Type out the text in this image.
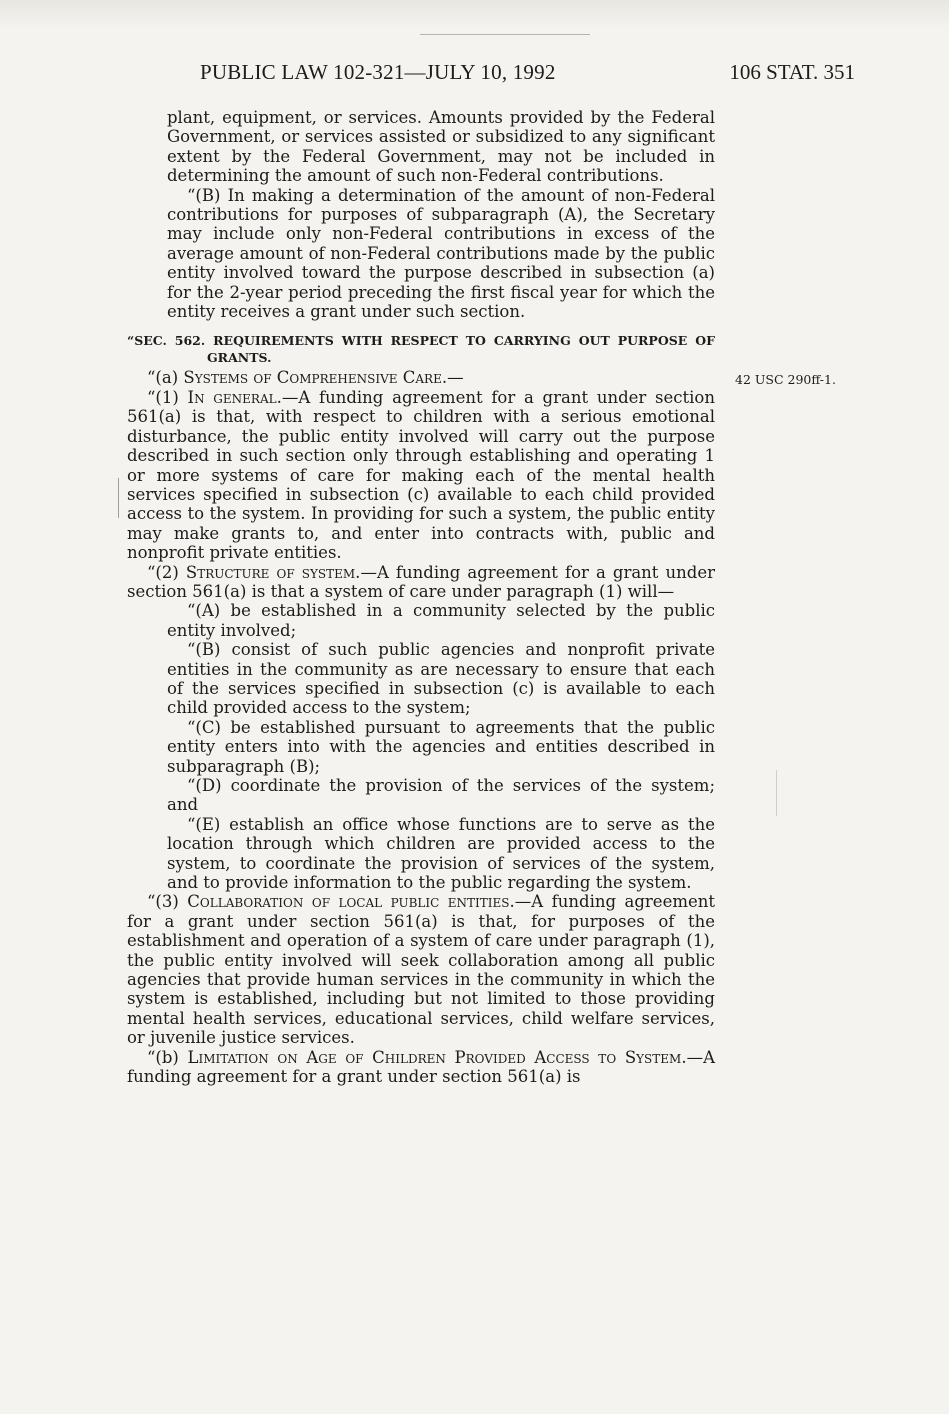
PUBLIC LAW 102-321—JULY 10, 1992	106 STAT. 351
42 USC 290ff-1.

plant, equipment, or services. Amounts provided by the Federal Government, or services assisted or subsidized to any significant extent by the Federal Government, may not be included in determining the amount of such non-Federal contributions.

“(B) In making a determination of the amount of non-Federal contributions for purposes of subparagraph (A), the Secretary may include only non-Federal contributions in excess of the average amount of non-Federal contributions made by the public entity involved toward the purpose described in subsection (a) for the 2-year period preceding the first fiscal year for which the entity receives a grant under such section.

“SEC. 562. REQUIREMENTS WITH RESPECT TO CARRYING OUT PURPOSE OF GRANTS.

“(a) Systems of Comprehensive Care.—

“(1) In general.—A funding agreement for a grant under section 561(a) is that, with respect to children with a serious emotional disturbance, the public entity involved will carry out the purpose described in such section only through establishing and operating 1 or more systems of care for making each of the mental health services specified in subsection (c) available to each child provided access to the system. In providing for such a system, the public entity may make grants to, and enter into contracts with, public and nonprofit private entities.

“(2) Structure of system.—A funding agreement for a grant under section 561(a) is that a system of care under paragraph (1) will—

“(A) be established in a community selected by the public entity involved;

“(B) consist of such public agencies and nonprofit private entities in the community as are necessary to ensure that each of the services specified in subsection (c) is available to each child provided access to the system;

“(C) be established pursuant to agreements that the public entity enters into with the agencies and entities described in subparagraph (B);

“(D) coordinate the provision of the services of the system; and

“(E) establish an office whose functions are to serve as the location through which children are provided access to the system, to coordinate the provision of services of the system, and to provide information to the public regarding the system.

“(3) Collaboration of local public entities.—A funding agreement for a grant under section 561(a) is that, for purposes of the establishment and operation of a system of care under paragraph (1), the public entity involved will seek collaboration among all public agencies that provide human services in the community in which the system is established, including but not limited to those providing mental health services, educational services, child welfare services, or juvenile justice services.

“(b) Limitation on Age of Children Provided Access to System.—A funding agreement for a grant under section 561(a) is
